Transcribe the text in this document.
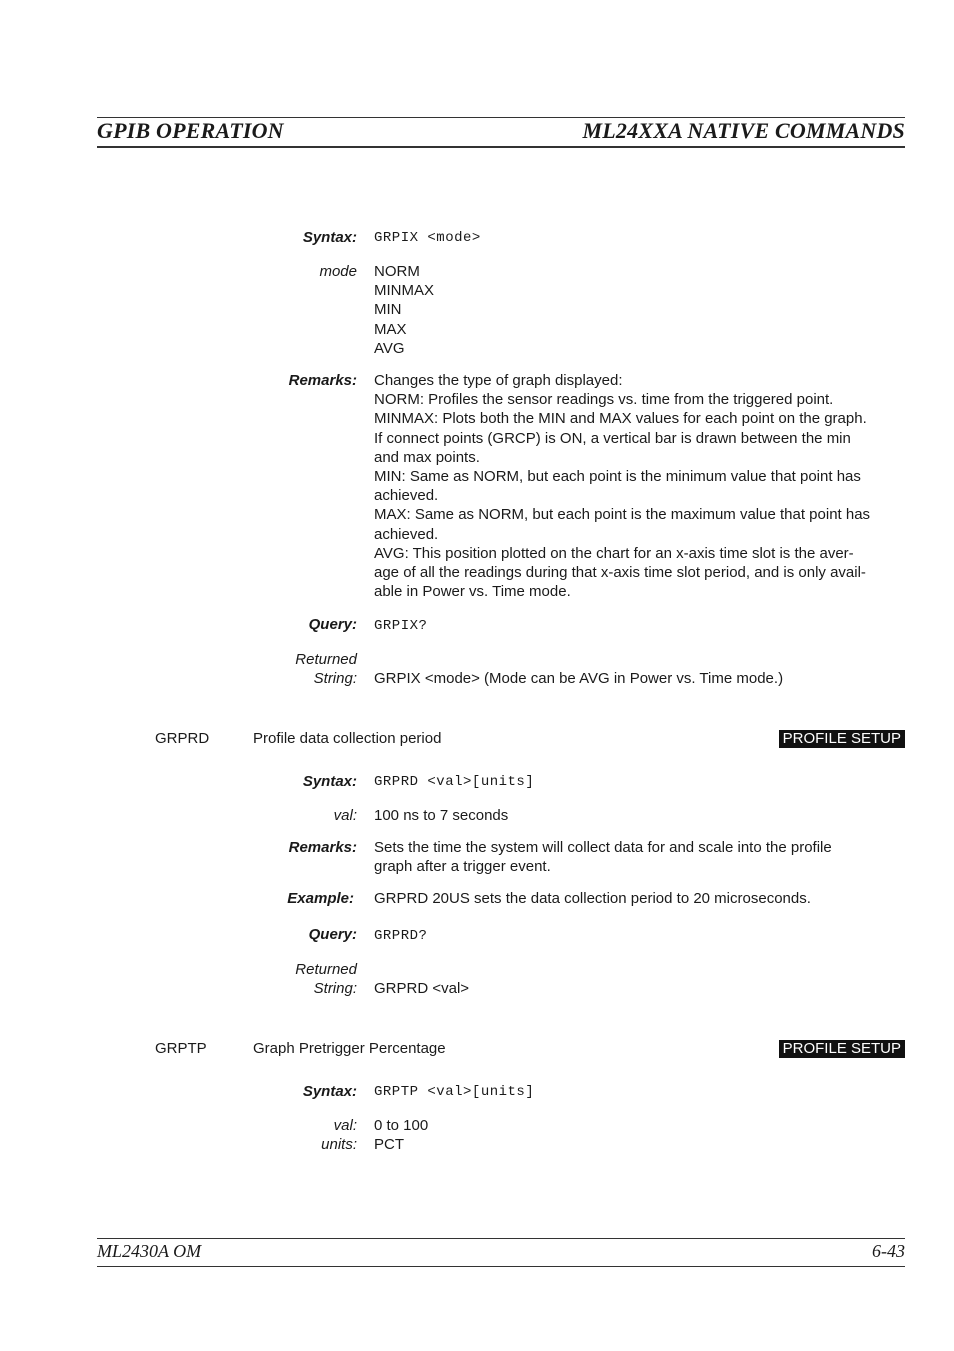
GPIB OPERATION	ML24XXA NATIVE COMMANDS
Syntax: GRPIX <mode>
mode NORM
MINMAX
MIN
MAX
AVG
Remarks: Changes the type of graph displayed:
NORM: Profiles the sensor readings vs. time from the triggered point.
MINMAX: Plots both the MIN and MAX values for each point on the graph.
If connect points (GRCP) is ON, a vertical bar is drawn between the min
and max points.
MIN: Same as NORM, but each point is the minimum value that point has
achieved.
MAX: Same as NORM, but each point is the maximum value that point has
achieved.
AVG: This position plotted on the chart for an x-axis time slot is the aver-
age of all the readings during that x-axis time slot period, and is only avail-
able in Power vs. Time mode.
Query: GRPIX?
Returned
String: GRPIX <mode> (Mode can be AVG in Power vs. Time mode.)
GRPRD	Profile data collection period	PROFILE SETUP
Syntax: GRPRD <val>[units]
val: 100 ns to 7 seconds
Remarks: Sets the time the system will collect data for and scale into the profile
graph after a trigger event.
Example: GRPRD 20US sets the data collection period to 20 microseconds.
Query: GRPRD?
Returned
String: GRPRD <val>
GRPTP	Graph Pretrigger Percentage	PROFILE SETUP
Syntax: GRPTP <val>[units]
val: 0 to 100
units: PCT
ML2430A OM	6-43
